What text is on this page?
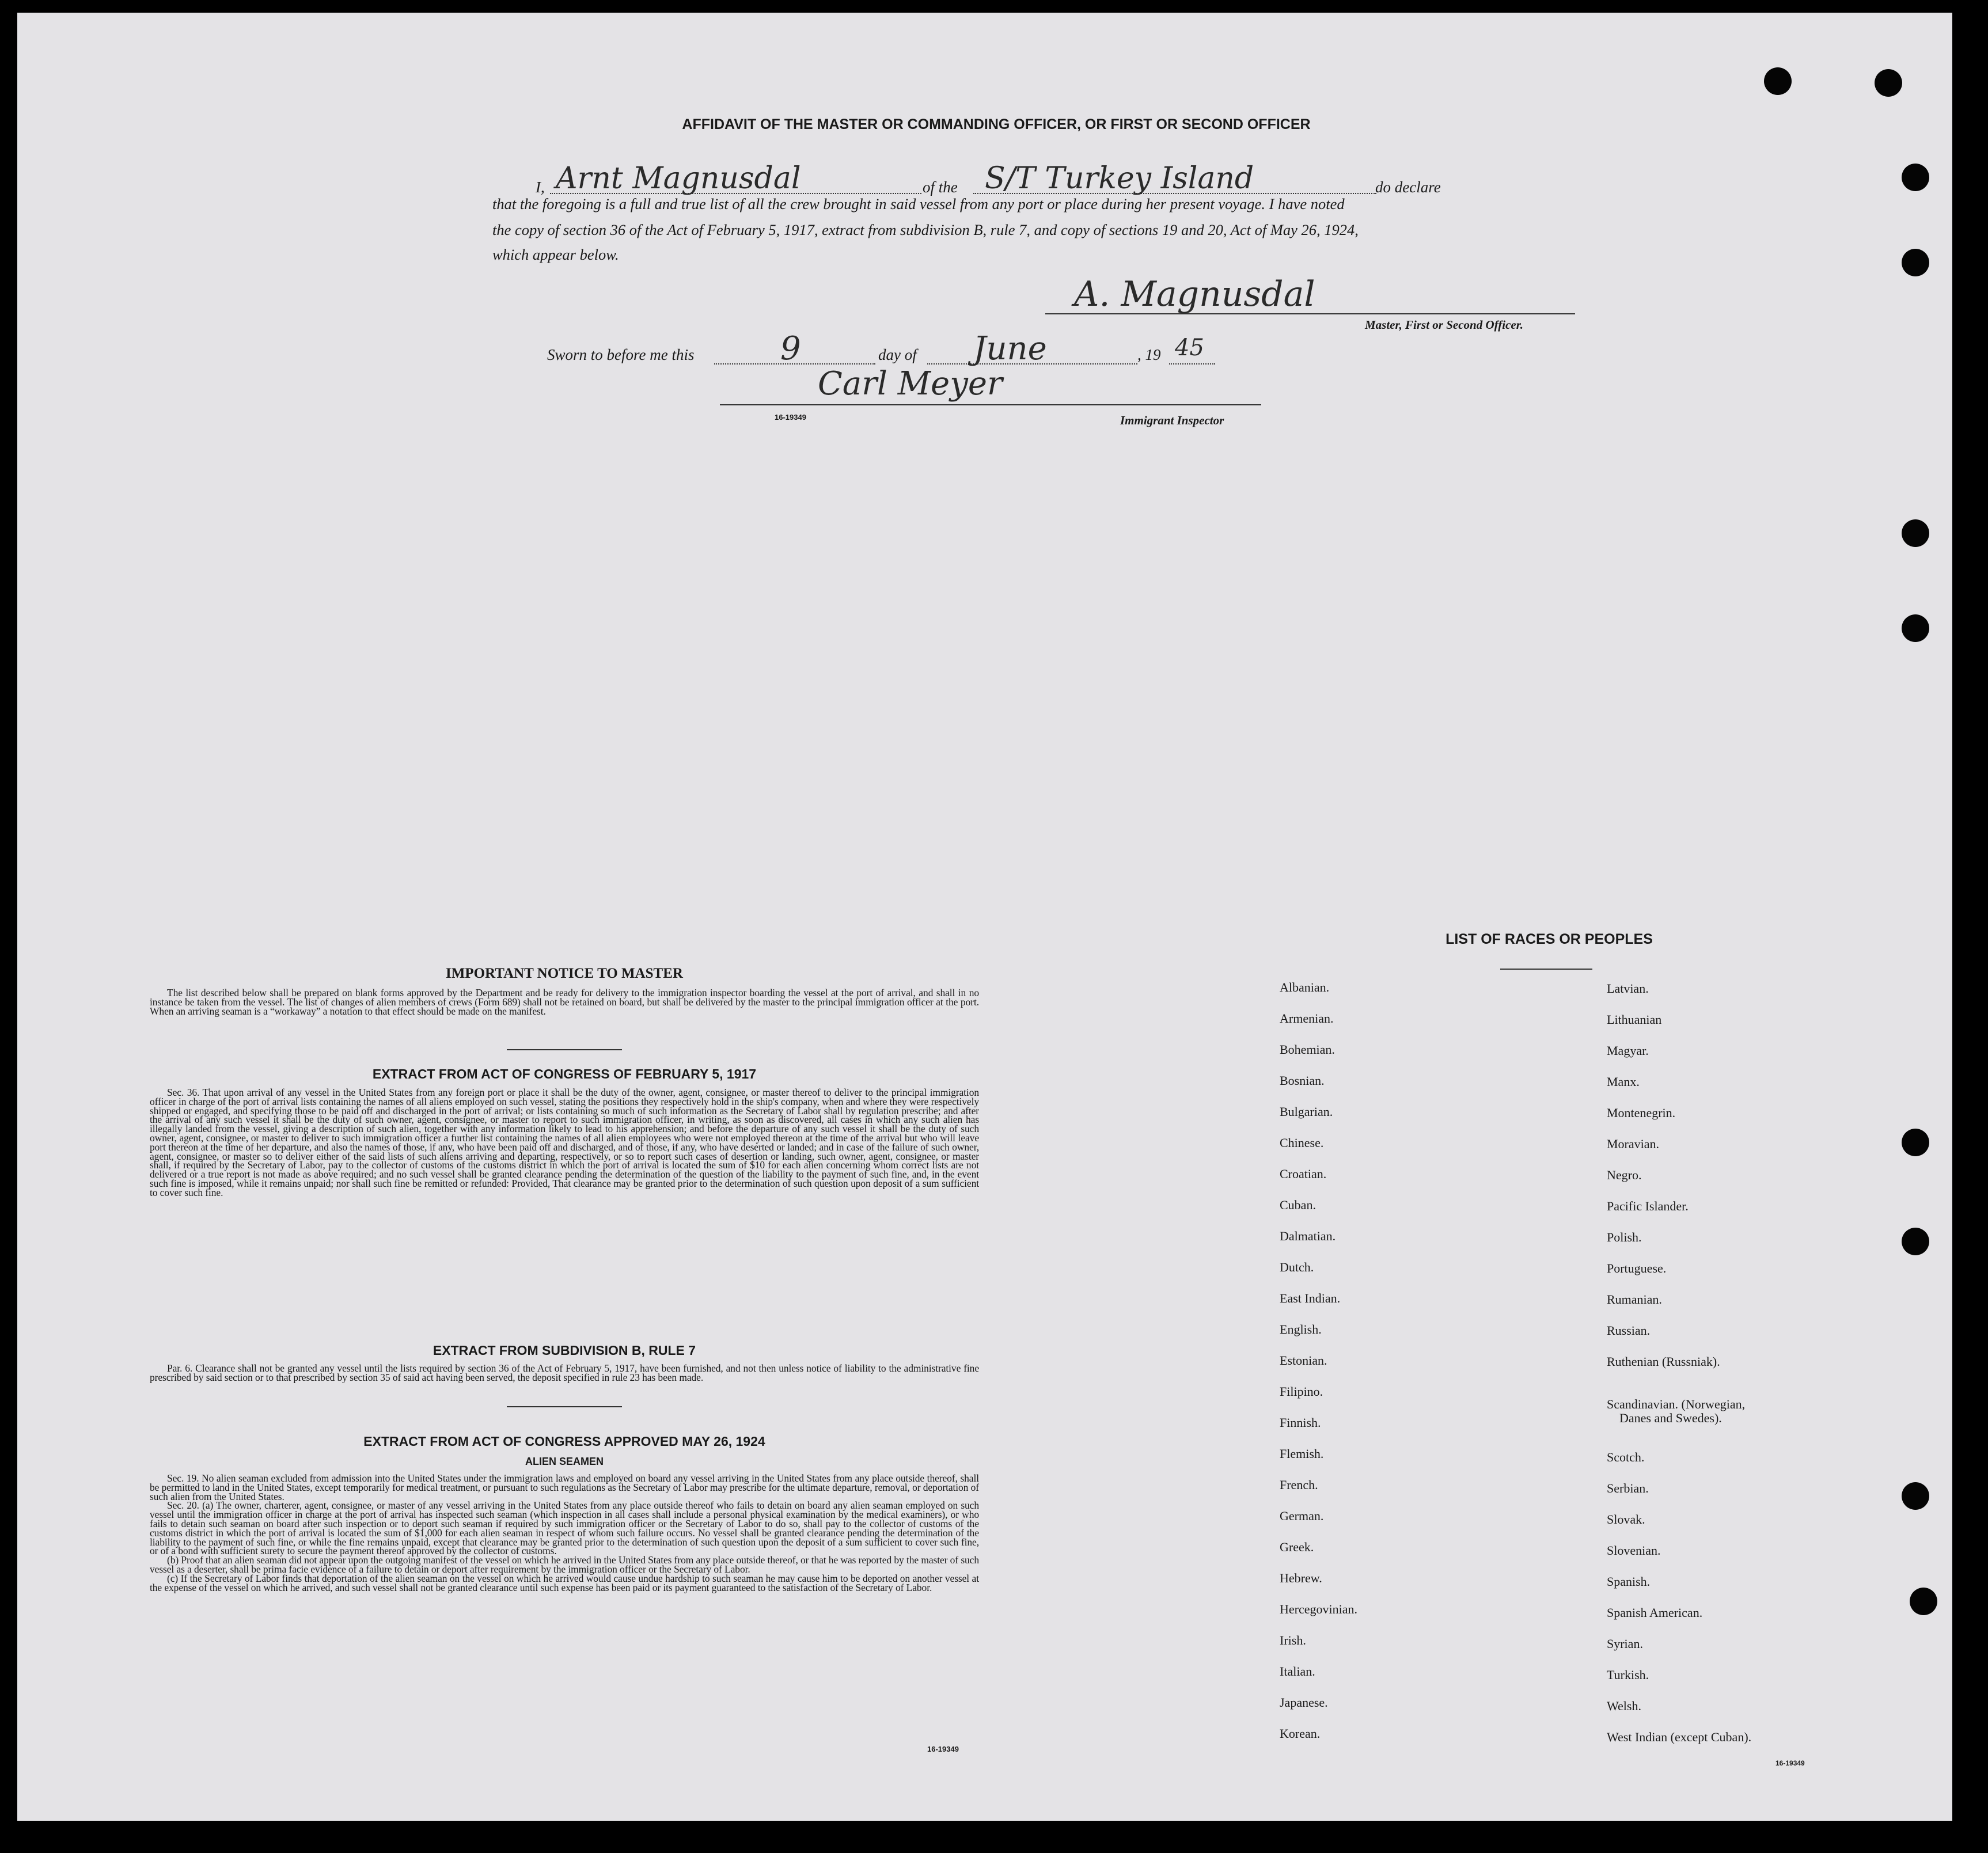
AFFIDAVIT OF THE MASTER OR COMMANDING OFFICER, OR FIRST OR SECOND OFFICER
I, Arnt Magnusdal	of the S/T Turkey Island	do declare
that the foregoing is a full and true list of all the crew brought in said vessel from any port or place during her present voyage. I have noted
the copy of section 36 of the Act of February 5, 1917, extract from subdivision B, rule 7, and copy of sections 19 and 20, Act of May 26, 1924,
which appear below.
A. Magnusdal
Master, First or Second Officer.
Sworn to before me this	9	day of June	, 19 45
Carl Meyer
16-19349	Immigrant Inspector
IMPORTANT NOTICE TO MASTER

The list described below shall be prepared on blank forms approved by the Department and be ready for delivery to the immigration inspector boarding the vessel at the port of arrival, and shall in no instance be taken from the vessel. The list of changes of alien members of crews (Form 689) shall not be retained on board, but shall be delivered by the master to the principal immigration officer at the port. When an arriving seaman is a “workaway” a notation to that effect should be made on the manifest.

EXTRACT FROM ACT OF CONGRESS OF FEBRUARY 5, 1917

Sec. 36. That upon arrival of any vessel in the United States from any foreign port or place it shall be the duty of the owner, agent, consignee, or master thereof to deliver to the principal immigration officer in charge of the port of arrival lists containing the names of all aliens employed on such vessel, stating the positions they respectively hold in the ship's company, when and where they were respectively shipped or engaged, and specifying those to be paid off and discharged in the port of arrival; or lists containing so much of such information as the Secretary of Labor shall by regulation prescribe; and after the arrival of any such vessel it shall be the duty of such owner, agent, consignee, or master to report to such immigration officer, in writing, as soon as discovered, all cases in which any such alien has illegally landed from the vessel, giving a description of such alien, together with any information likely to lead to his apprehension; and before the departure of any such vessel it shall be the duty of such owner, agent, consignee, or master to deliver to such immigration officer a further list containing the names of all alien employees who were not employed thereon at the time of the arrival but who will leave port thereon at the time of her departure, and also the names of those, if any, who have been paid off and discharged, and of those, if any, who have deserted or landed; and in case of the failure of such owner, agent, consignee, or master so to deliver either of the said lists of such aliens arriving and departing, respectively, or so to report such cases of desertion or landing, such owner, agent, consignee, or master shall, if required by the Secretary of Labor, pay to the collector of customs of the customs district in which the port of arrival is located the sum of $10 for each alien concerning whom correct lists are not delivered or a true report is not made as above required; and no such vessel shall be granted clearance pending the determination of the question of the liability to the payment of such fine, and, in the event such fine is imposed, while it remains unpaid; nor shall such fine be remitted or refunded: Provided, That clearance may be granted prior to the determination of such question upon deposit of a sum sufficient to cover such fine.

EXTRACT FROM SUBDIVISION B, RULE 7

Par. 6. Clearance shall not be granted any vessel until the lists required by section 36 of the Act of February 5, 1917, have been furnished, and not then unless notice of liability to the administrative fine prescribed by said section or to that prescribed by section 35 of said act having been served, the deposit specified in rule 23 has been made.

EXTRACT FROM ACT OF CONGRESS APPROVED MAY 26, 1924
ALIEN SEAMEN

Sec. 19. No alien seaman excluded from admission into the United States under the immigration laws and employed on board any vessel arriving in the United States from any place outside thereof, shall be permitted to land in the United States, except temporarily for medical treatment, or pursuant to such regulations as the Secretary of Labor may prescribe for the ultimate departure, removal, or deportation of such alien from the United States.

Sec. 20. (a) The owner, charterer, agent, consignee, or master of any vessel arriving in the United States from any place outside thereof who fails to detain on board any alien seaman employed on such vessel until the immigration officer in charge at the port of arrival has inspected such seaman (which inspection in all cases shall include a personal physical examination by the medical examiners), or who fails to detain such seaman on board after such inspection or to deport such seaman if required by such immigration officer or the Secretary of Labor to do so, shall pay to the collector of customs of the customs district in which the port of arrival is located the sum of $1,000 for each alien seaman in respect of whom such failure occurs. No vessel shall be granted clearance pending the determination of the liability to the payment of such fine, or while the fine remains unpaid, except that clearance may be granted prior to the determination of such question upon the deposit of a sum sufficient to cover such fine, or of a bond with sufficient surety to secure the payment thereof approved by the collector of customs.

(b) Proof that an alien seaman did not appear upon the outgoing manifest of the vessel on which he arrived in the United States from any place outside thereof, or that he was reported by the master of such vessel as a deserter, shall be prima facie evidence of a failure to detain or deport after requirement by the immigration officer or the Secretary of Labor.

(c) If the Secretary of Labor finds that deportation of the alien seaman on the vessel on which he arrived would cause undue hardship to such seaman he may cause him to be deported on another vessel at the expense of the vessel on which he arrived, and such vessel shall not be granted clearance until such expense has been paid or its payment guaranteed to the satisfaction of the Secretary of Labor.

16-19349
LIST OF RACES OR PEOPLES
Albanian.
Armenian.
Bohemian.
Bosnian.
Bulgarian.
Chinese.
Croatian.
Cuban.
Dalmatian.
Dutch.
East Indian.
English.
Estonian.
Filipino.
Finnish.
Flemish.
French.
German.
Greek.
Hebrew.
Hercegovinian.
Irish.
Italian.
Japanese.
Korean.
Latvian.
Lithuanian
Magyar.
Manx.
Montenegrin.
Moravian.
Negro.
Pacific Islander.
Polish.
Portuguese.
Rumanian.
Russian.
Ruthenian (Russniak).
Scandinavian. (Norwegian,
Danes and Swedes).
Scotch.
Serbian.
Slovak.
Slovenian.
Spanish.
Spanish American.
Syrian.
Turkish.
Welsh.
West Indian (except Cuban).
16-19349
